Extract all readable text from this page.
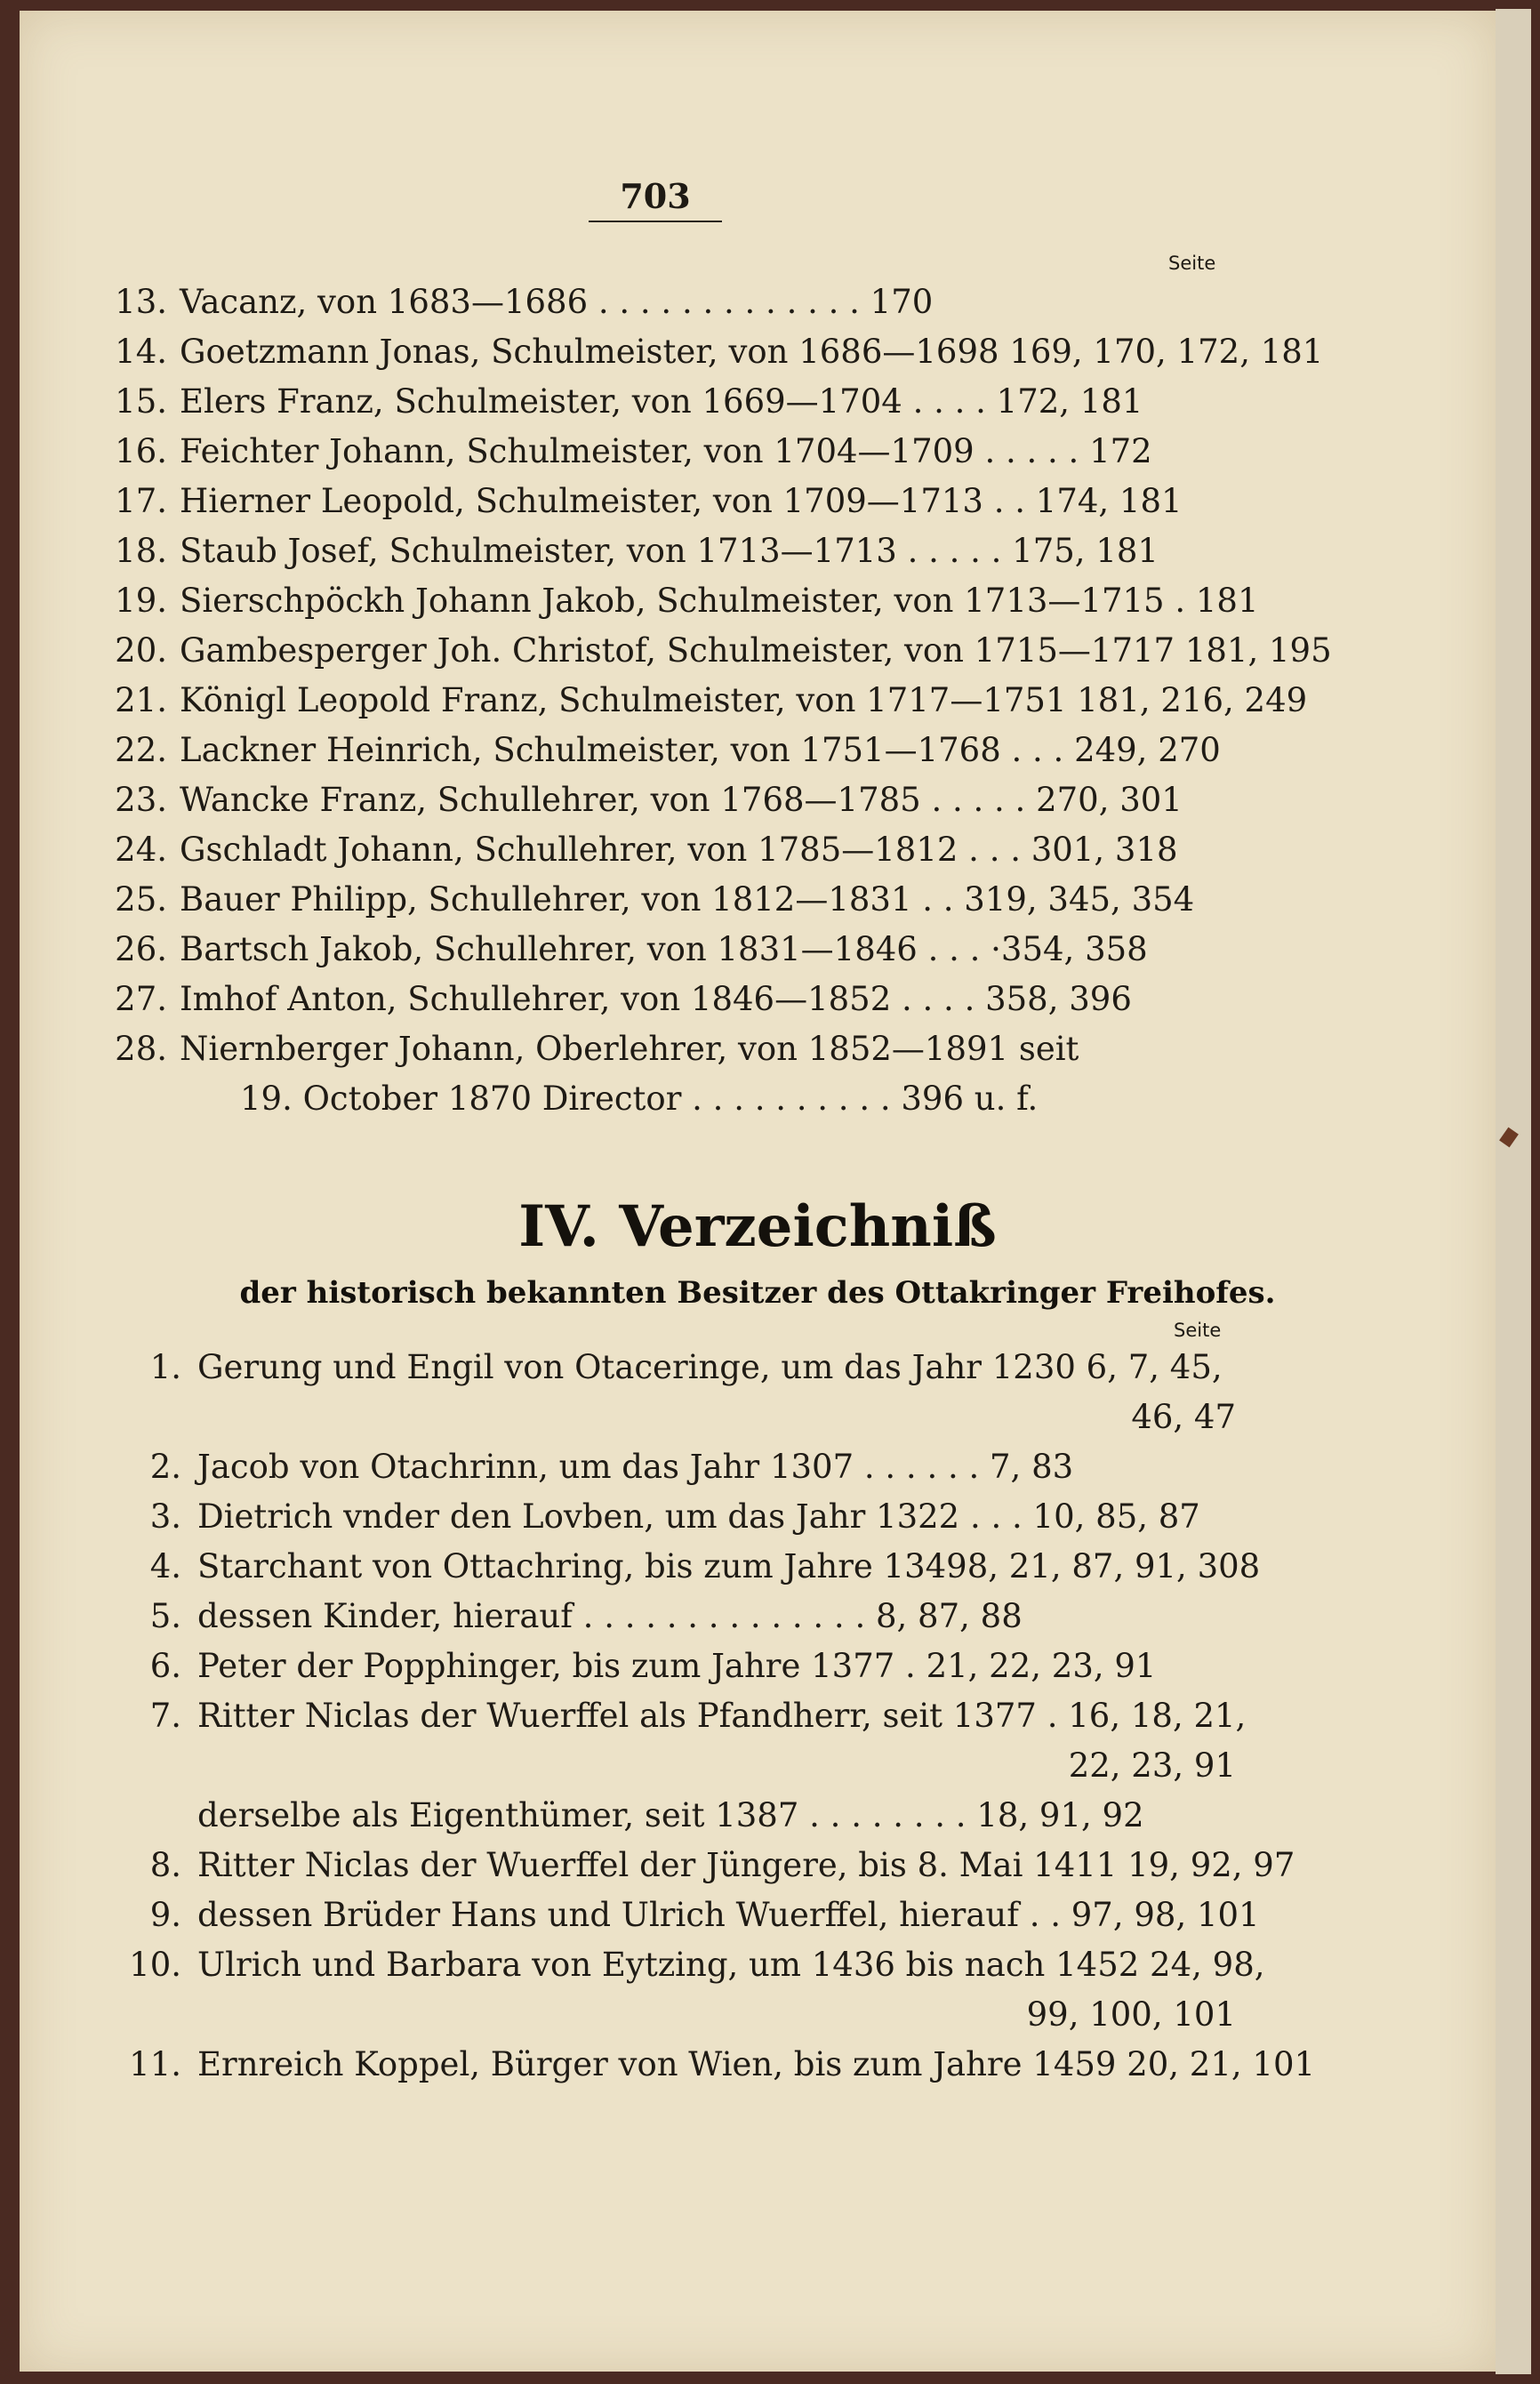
703
Seite
13. Vacanz, von 1683—1686 . . . . . . . . . . . . . 170
14. Goetzmann Jonas, Schulmeister, von 1686—1698 169, 170, 172, 181
15. Elers Franz, Schulmeister, von 1669—1704 . . . . 172, 181
16. Feichter Johann, Schulmeister, von 1704—1709 . . . . . 172
17. Hierner Leopold, Schulmeister, von 1709—1713 . . 174, 181
18. Staub Josef, Schulmeister, von 1713—1713 . . . . . 175, 181
19. Sierschpöckh Johann Jakob, Schulmeister, von 1713—1715 . 181
20. Gambesperger Joh. Christof, Schulmeister, von 1715—1717 181, 195
21. Königl Leopold Franz, Schulmeister, von 1717—1751 181, 216, 249
22. Lackner Heinrich, Schulmeister, von 1751—1768 . . . 249, 270
23. Wancke Franz, Schullehrer, von 1768—1785 . . . . . 270, 301
24. Gschladt Johann, Schullehrer, von 1785—1812 . . . 301, 318
25. Bauer Philipp, Schullehrer, von 1812—1831 . . 319, 345, 354
26. Bartsch Jakob, Schullehrer, von 1831—1846 . . . ·354, 358
27. Imhof Anton, Schullehrer, von 1846—1852 . . . . 358, 396
28. Niernberger Johann, Oberlehrer, von 1852—1891 seit
19. October 1870 Director . . . . . . . . . . 396 u. f.
IV. Verzeichniß
der historisch bekannten Besitzer des Ottakringer Freihofes.
Seite
1. Gerung und Engil von Otaceringe, um das Jahr 1230 6, 7, 45,
46, 47
2. Jacob von Otachrinn, um das Jahr 1307 . . . . . . 7, 83
3. Dietrich vnder den Lovben, um das Jahr 1322 . . . 10, 85, 87
4. Starchant von Ottachring, bis zum Jahre 13498, 21, 87, 91, 308
5. dessen Kinder, hierauf . . . . . . . . . . . . . . 8, 87, 88
6. Peter der Popphinger, bis zum Jahre 1377 . 21, 22, 23, 91
7. Ritter Niclas der Wuerffel als Pfandherr, seit 1377 . 16, 18, 21,
22, 23, 91
derselbe als Eigenthümer, seit 1387 . . . . . . . . 18, 91, 92
8. Ritter Niclas der Wuerffel der Jüngere, bis 8. Mai 1411 19, 92, 97
9. dessen Brüder Hans und Ulrich Wuerffel, hierauf . . 97, 98, 101
10. Ulrich und Barbara von Eytzing, um 1436 bis nach 1452 24, 98,
99, 100, 101
11. Ernreich Koppel, Bürger von Wien, bis zum Jahre 1459 20, 21, 101
